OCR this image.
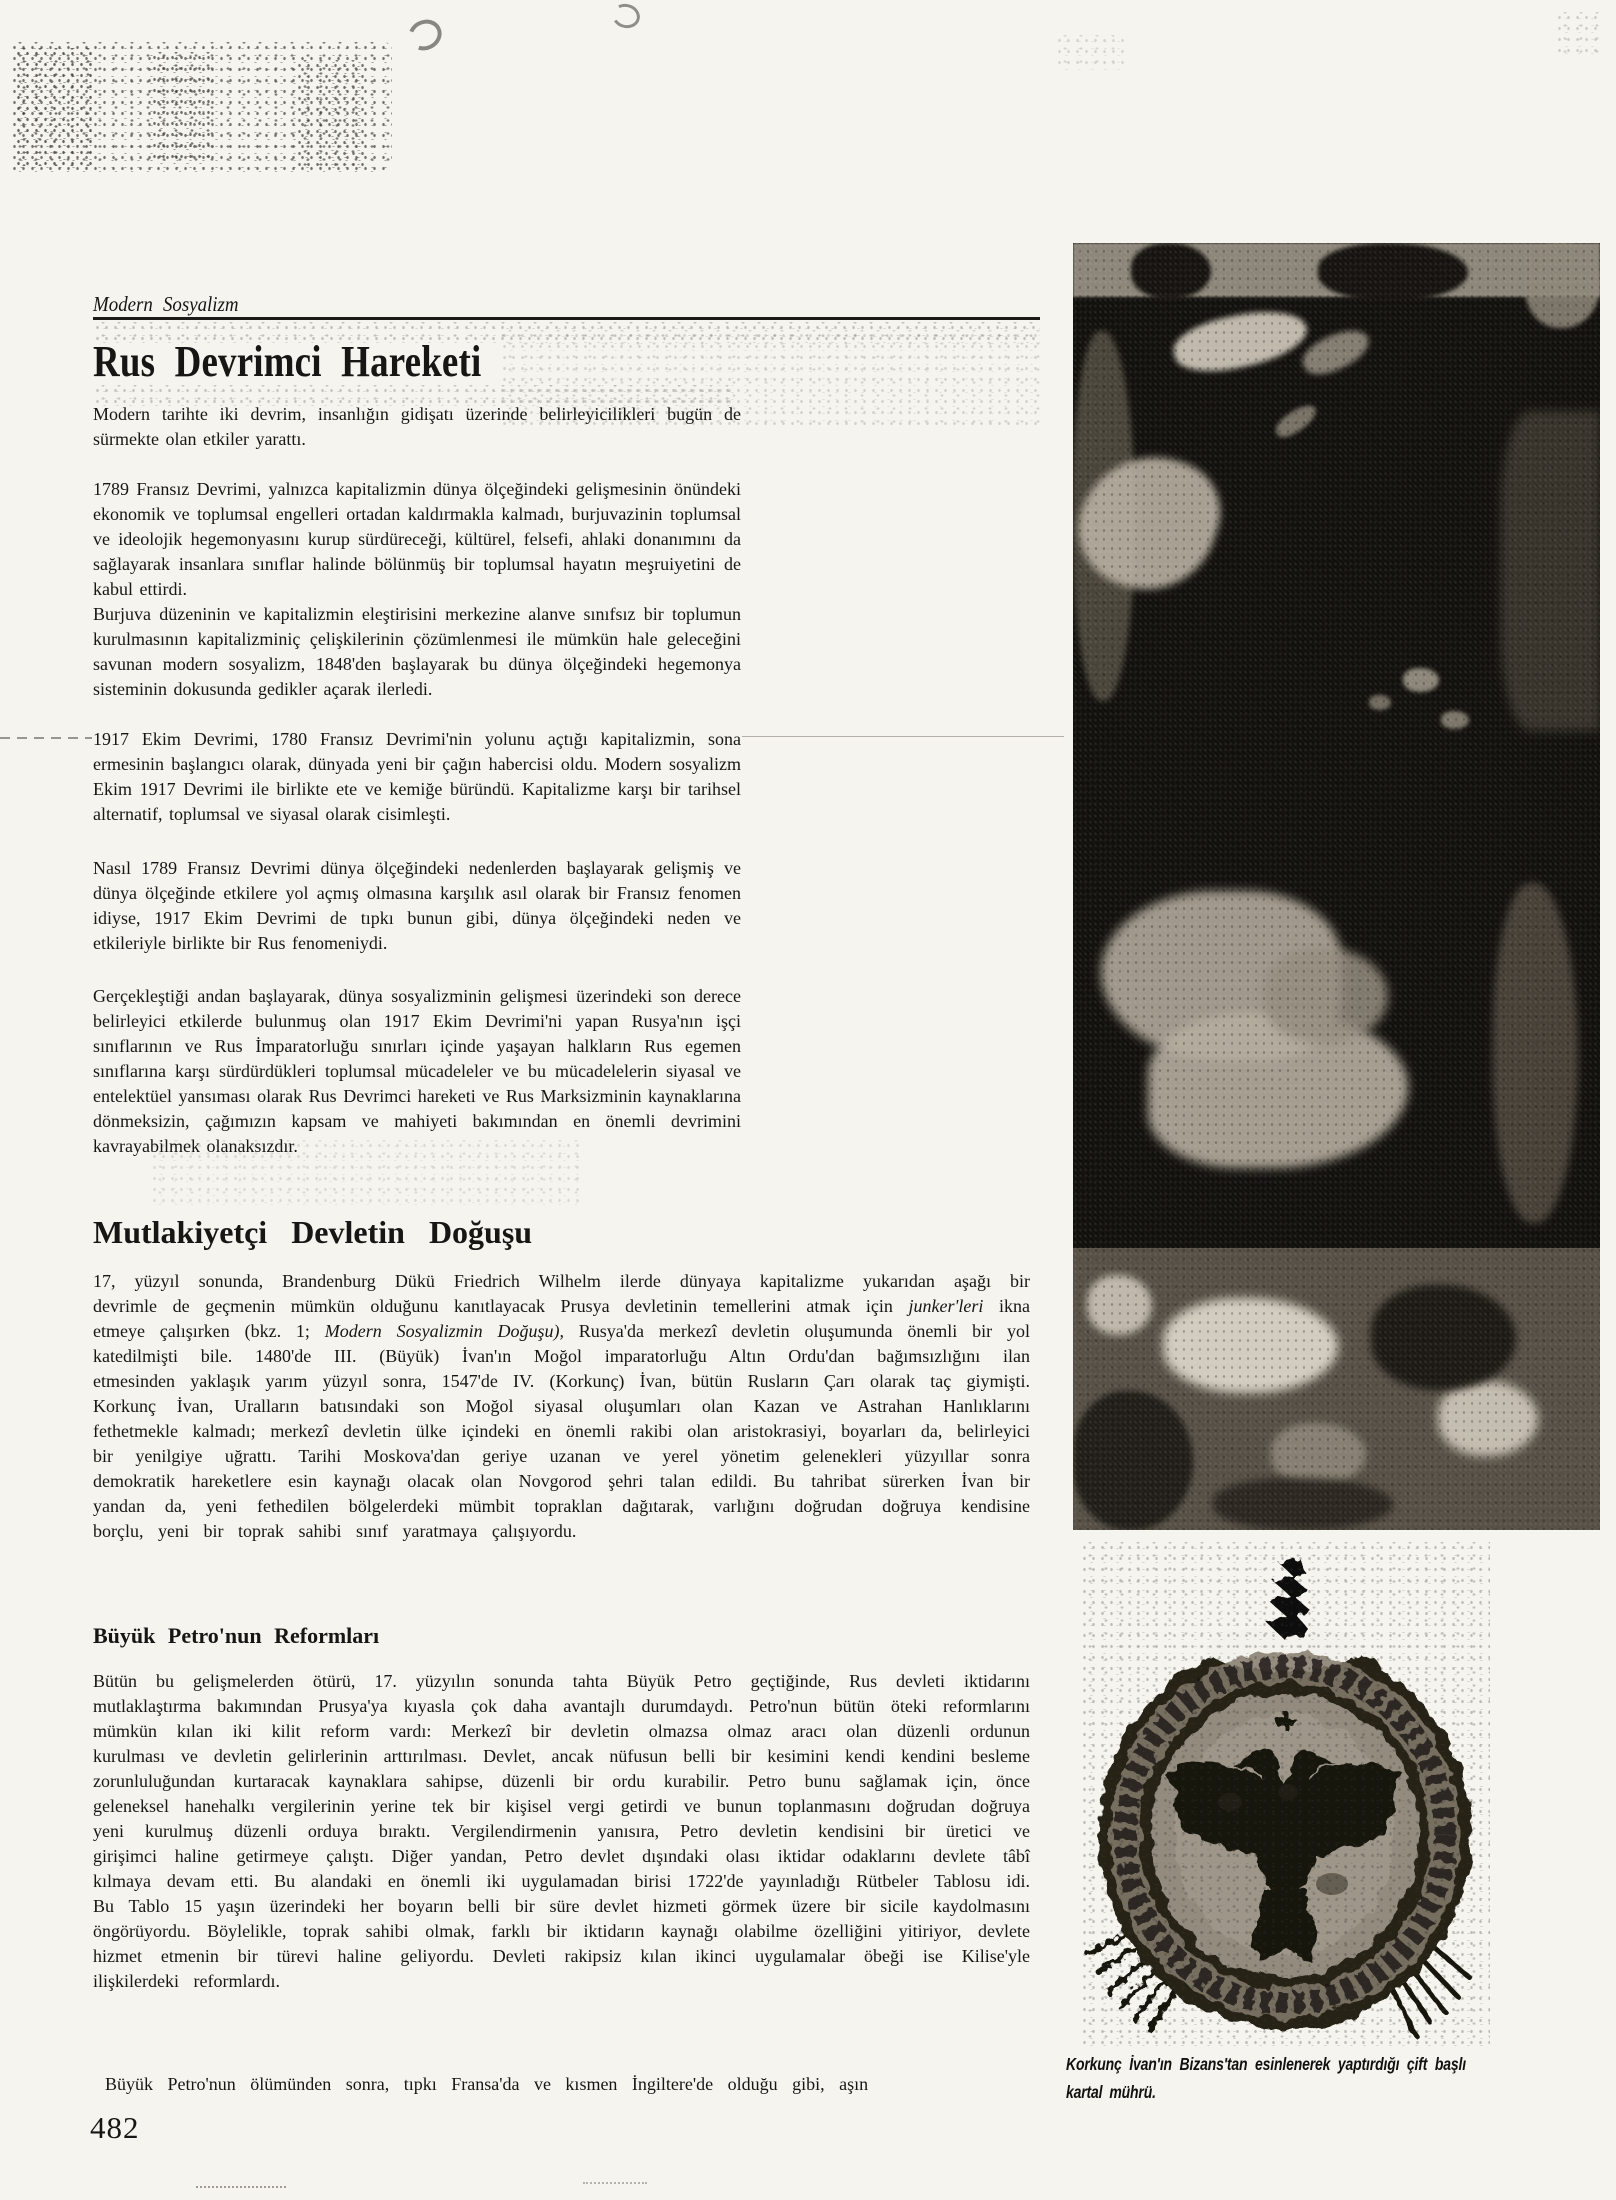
Modern Sosyalizm
Rus Devrimci Hareketi

Modern tarihte iki devrim, insanlığın gidişatı üzerinde belirleyicilikleri bugün de sürmekte olan etkiler yarattı.

1789 Fransız Devrimi, yalnızca kapitalizmin dünya ölçeğindeki gelişmesinin önündeki ekonomik ve toplumsal engelleri ortadan kaldırmakla kalmadı, burjuvazinin toplumsal ve ideolojik hegemonyasını kurup sürdüreceği, kültürel, felsefi, ahlaki donanımını da sağlayarak insanlara sınıflar halinde bölünmüş bir toplumsal hayatın meşruiyetini de kabul ettirdi.

Burjuva düzeninin ve kapitalizmin eleştirisini merkezine alanve sınıfsız bir toplumun kurulmasının kapitalizminiç çelişkilerinin çözümlenmesi ile mümkün hale geleceğini savunan modern sosyalizm, 1848'den başlayarak bu dünya ölçeğindeki hegemonya sisteminin dokusunda gedikler açarak ilerledi.

1917 Ekim Devrimi, 1780 Fransız Devrimi'nin yolunu açtığı kapitalizmin, sona ermesinin başlangıcı olarak, dünyada yeni bir çağın habercisi oldu. Modern sosyalizm Ekim 1917 Devrimi ile birlikte ete ve kemiğe büründü. Kapitalizme karşı bir tarihsel alternatif, toplumsal ve siyasal olarak cisimleşti.

Nasıl 1789 Fransız Devrimi dünya ölçeğindeki nedenlerden başlayarak gelişmiş ve dünya ölçeğinde etkilere yol açmış olmasına karşılık asıl olarak bir Fransız fenomen idiyse, 1917 Ekim Devrimi de tıpkı bunun gibi, dünya ölçeğindeki neden ve etkileriyle birlikte bir Rus fenomeniydi.

Gerçekleştiği andan başlayarak, dünya sosyalizminin gelişmesi üzerindeki son derece belirleyici etkilerde bulunmuş olan 1917 Ekim Devrimi'ni yapan Rusya'nın işçi sınıflarının ve Rus İmparatorluğu sınırları içinde yaşayan halkların Rus egemen sınıflarına karşı sürdürdükleri toplumsal mücadeleler ve bu mücadelelerin siyasal ve entelektüel yansıması olarak Rus Devrimci hareketi ve Rus Marksizminin kaynaklarına dönmeksizin, çağımızın kapsam ve mahiyeti bakımından en önemli devrimini kavrayabilmek olanaksızdır.

Mutlakiyetçi Devletin Doğuşu

17, yüzyıl sonunda, Brandenburg Dükü Friedrich Wilhelm ilerde dünyaya kapitalizme yukarıdan aşağı bir devrimle de geçmenin mümkün olduğunu kanıtlayacak Prusya devletinin temellerini atmak için junker'leri ikna etmeye çalışırken (bkz. 1; Modern Sosyalizmin Doğuşu), Rusya'da merkezî devletin oluşumunda önemli bir yol katedilmişti bile. 1480'de III. (Büyük) İvan'ın Moğol imparatorluğu Altın Ordu'dan bağımsızlığını ilan etmesinden yaklaşık yarım yüzyıl sonra, 1547'de IV. (Korkunç) İvan, bütün Rusların Çarı olarak taç giymişti. Korkunç İvan, Uralların batısındaki son Moğol siyasal oluşumları olan Kazan ve Astrahan Hanlıklarını fethetmekle kalmadı; merkezî devletin ülke içindeki en önemli rakibi olan aristokrasiyi, boyarları da, belirleyici bir yenilgiye uğrattı. Tarihi Moskova'dan geriye uzanan ve yerel yönetim gelenekleri yüzyıllar sonra demokratik hareketlere esin kaynağı olacak olan Novgorod şehri talan edildi. Bu tahribat sürerken İvan bir yandan da, yeni fethedilen bölgelerdeki mümbit topraklan dağıtarak, varlığını doğrudan doğruya kendisine borçlu, yeni bir toprak sahibi sınıf yaratmaya çalışıyordu.

Büyük Petro'nun Reformları

Bütün bu gelişmelerden ötürü, 17. yüzyılın sonunda tahta Büyük Petro geçtiğinde, Rus devleti iktidarını mutlaklaştırma bakımından Prusya'ya kıyasla çok daha avantajlı durumdaydı. Petro'nun bütün öteki reformlarını mümkün kılan iki kilit reform vardı: Merkezî bir devletin olmazsa olmaz aracı olan düzenli ordunun kurulması ve devletin gelirlerinin arttırılması. Devlet, ancak nüfusun belli bir kesimini kendi kendini besleme zorunluluğundan kurtaracak kaynaklara sahipse, düzenli bir ordu kurabilir. Petro bunu sağlamak için, önce geleneksel hanehalkı vergilerinin yerine tek bir kişisel vergi getirdi ve bunun toplanmasını doğrudan doğruya yeni kurulmuş düzenli orduya bıraktı. Vergilendirmenin yanısıra, Petro devletin kendisini bir üretici ve girişimci haline getirmeye çalıştı. Diğer yandan, Petro devlet dışındaki olası iktidar odaklarını devlete tâbî kılmaya devam etti. Bu alandaki en önemli iki uygulamadan birisi 1722'de yayınladığı Rütbeler Tablosu idi. Bu Tablo 15 yaşın üzerindeki her boyarın belli bir süre devlet hizmeti görmek üzere bir sicile kaydolmasını öngörüyordu. Böylelikle, toprak sahibi olmak, farklı bir iktidarın kaynağı olabilme özelliğini yitiriyor, devlete hizmet etmenin bir türevi haline geliyordu. Devleti rakipsiz kılan ikinci uygulamalar öbeği ise Kilise'yle ilişkilerdeki reformlardı.

Büyük Petro'nun ölümünden sonra, tıpkı Fransa'da ve kısmen İngiltere'de olduğu gibi, aşın

482
Korkunç İvan'ın Bizans'tan esinlenerek yaptırdığı çift başlı kartal mührü.
